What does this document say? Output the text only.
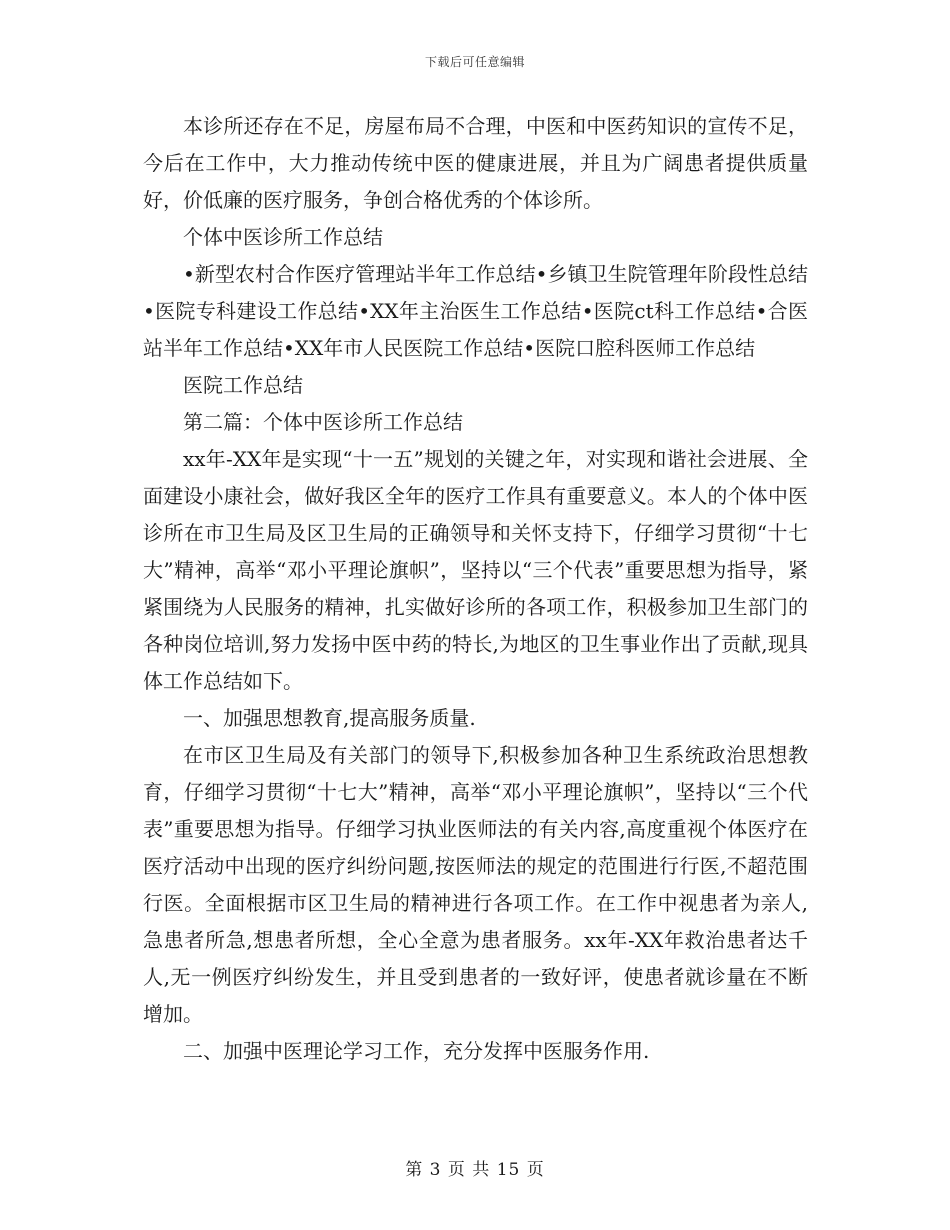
下载后可任意编辑

本诊所还存在不足，房屋布局不合理，中医和中医药知识的宣传不足，今后在工作中，大力推动传统中医的健康进展，并且为广阔患者提供质量好，价低廉的医疗服务，争创合格优秀的个体诊所。

个体中医诊所工作总结

•新型农村合作医疗管理站半年工作总结•乡镇卫生院管理年阶段性总结•医院专科建设工作总结•XX年主治医生工作总结•医院ct科工作总结•合医站半年工作总结•XX年市人民医院工作总结•医院口腔科医师工作总结

医院工作总结

第二篇：个体中医诊所工作总结

xx年-XX年是实现“十一五”规划的关键之年，对实现和谐社会进展、全面建设小康社会，做好我区全年的医疗工作具有重要意义。本人的个体中医诊所在市卫生局及区卫生局的正确领导和关怀支持下，仔细学习贯彻“十七大”精神，高举“邓小平理论旗帜”，坚持以“三个代表”重要思想为指导，紧紧围绕为人民服务的精神，扎实做好诊所的各项工作，积极参加卫生部门的各种岗位培训,努力发扬中医中药的特长,为地区的卫生事业作出了贡献,现具体工作总结如下。

一、加强思想教育,提高服务质量.

在市区卫生局及有关部门的领导下,积极参加各种卫生系统政治思想教育，仔细学习贯彻“十七大”精神，高举“邓小平理论旗帜”，坚持以“三个代表”重要思想为指导。仔细学习执业医师法的有关内容,高度重视个体医疗在医疗活动中出现的医疗纠纷问题,按医师法的规定的范围进行行医,不超范围行医。全面根据市区卫生局的精神进行各项工作。在工作中视患者为亲人,急患者所急,想患者所想，全心全意为患者服务。xx年-XX年救治患者达千人,无一例医疗纠纷发生，并且受到患者的一致好评，使患者就诊量在不断增加。

二、加强中医理论学习工作，充分发挥中医服务作用.

第 3 页 共 15 页
